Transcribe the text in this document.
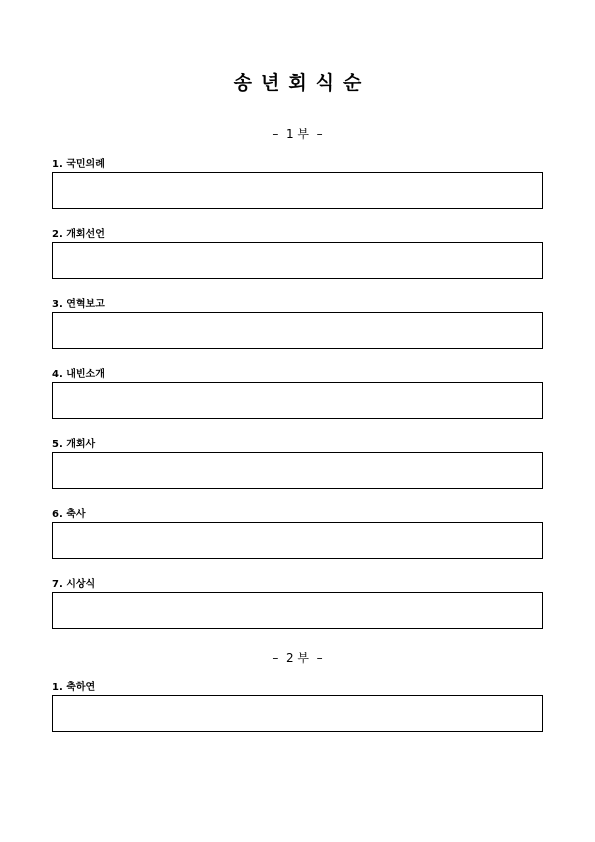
송년회식순
–  1 부  –
1. 국민의례
2. 개회선언
3. 연혁보고
4. 내빈소개
5. 개회사
6. 축사
7. 시상식
–  2 부  –
1. 축하연
